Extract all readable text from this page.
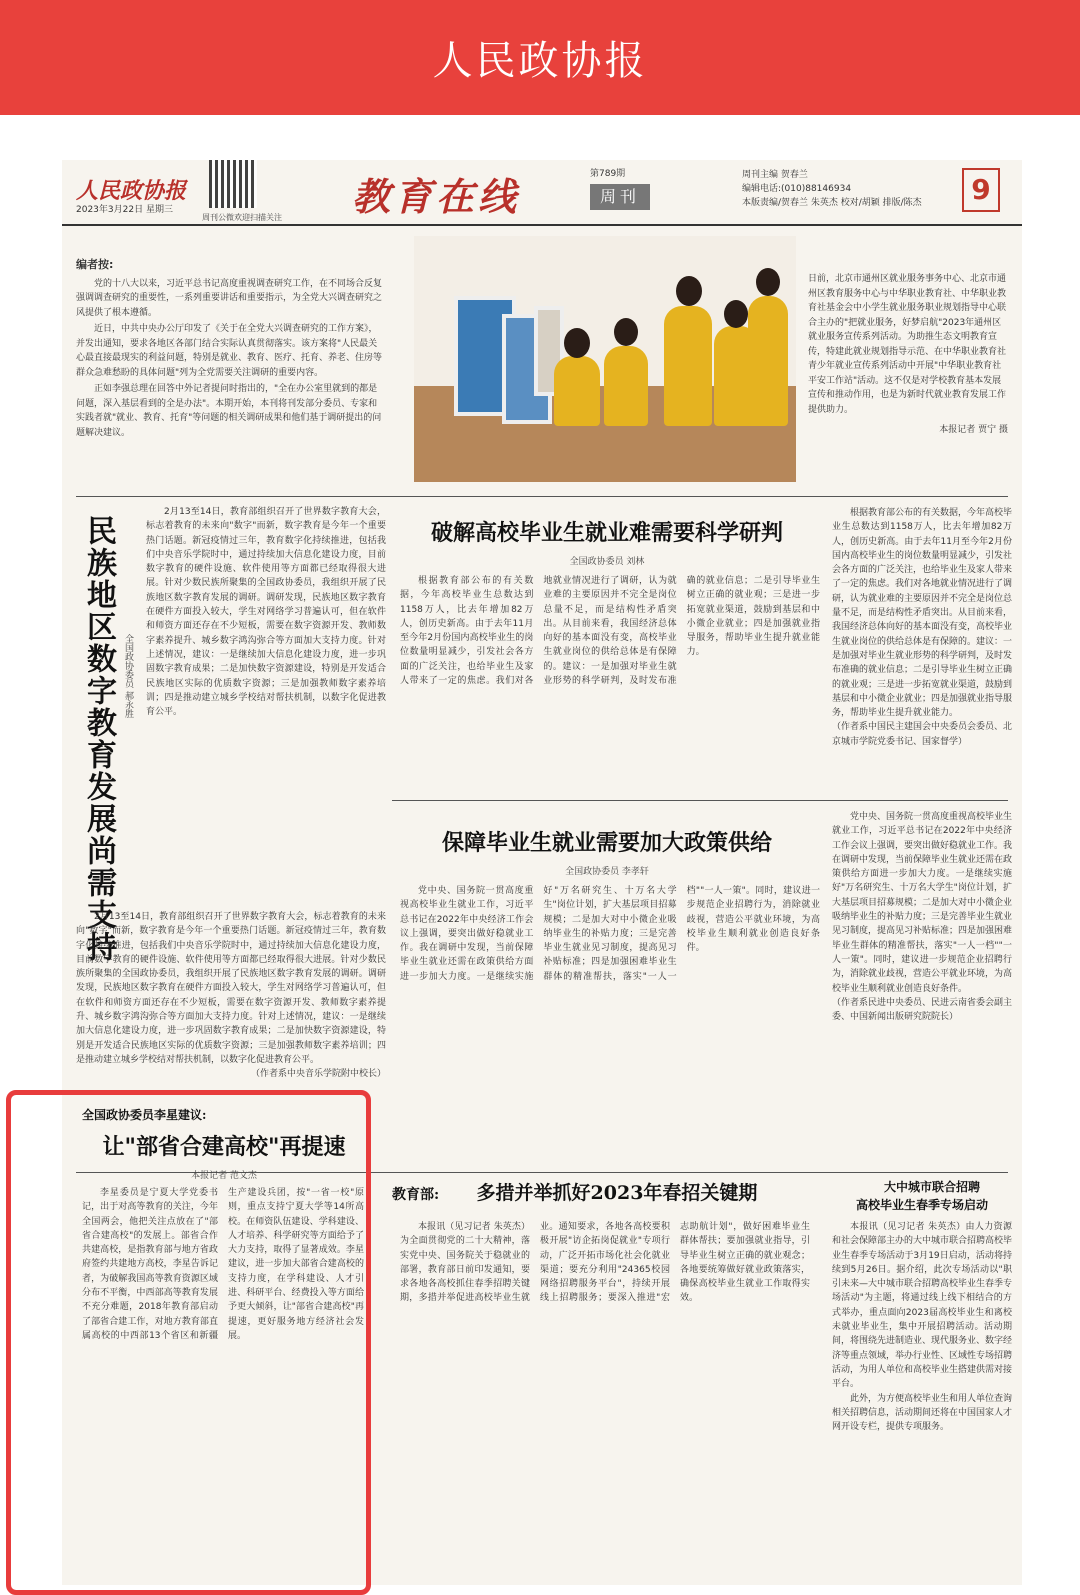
人民政协报
人民政协报
2023年3月22日 星期三
周刊公微欢迎扫描关注 教育在线	第789期
周刊
周刊主编 贺春兰
编辑电话:(010)88146934
本版责编/贺春兰 朱英杰 校对/胡颖 排版/陈杰	9
编者按:

党的十八大以来，习近平总书记高度重视调查研究工作，在不同场合反复强调调查研究的重要性，一系列重要讲话和重要指示，为全党大兴调查研究之风提供了根本遵循。

近日，中共中央办公厅印发了《关于在全党大兴调查研究的工作方案》，并发出通知，要求各地区各部门结合实际认真贯彻落实。该方案将"人民最关心最直接最现实的利益问题，特别是就业、教育、医疗、托育、养老、住房等群众急难愁盼的具体问题"列为全党需要关注调研的重要内容。

正如李强总理在回答中外记者提问时指出的，"全在办公室里就到的都是问题，深入基层看到的全是办法"。本期开始，本刊将刊发部分委员、专家和实践者就"就业、教育、托育"等问题的相关调研成果和他们基于调研提出的问题解决建议。

日前，北京市通州区就业服务事务中心、北京市通州区教育服务中心与中华职业教育社、中华职业教育社基金会中小学生就业服务职业规划指导中心联合主办的"把就业服务，好梦启航"2023年通州区就业服务宣传系列活动。为助推生态文明教育宣传，特建此就业规划指导示范、在中华职业教育社青少年就业宣传系列活动中开展"中华职业教育社平安工作站"活动。这不仅是对学校教育基本发展宣传和推动作用，也是为新时代就业教育发展工作提供助力。
本报记者 贾宁 摄
民族地区数字教育发展尚需支持 全国政协委员 郝永胜

2月13至14日，教育部组织召开了世界数字教育大会，标志着教育的未来向"数字"而新，数字教育是今年一个重要热门话题。新冠疫情过三年，教育数字化持续推进，包括我们中央音乐学院时中，通过持续加大信息化建设力度，目前数字教育的硬件设施、软件使用等方面都已经取得很大进展。针对少数民族所聚集的全国政协委员，我组织开展了民族地区数字教育发展的调研。调研发现，民族地区数字教育在硬件方面投入较大，学生对网络学习普遍认可，但在软件和师资方面还存在不少短板，需要在数字资源开发、教师数字素养提升、城乡数字鸿沟弥合等方面加大支持力度。针对上述情况，建议：一是继续加大信息化建设力度，进一步巩固数字教育成果；二是加快数字资源建设，特别是开发适合民族地区实际的优质数字资源；三是加强教师数字素养培训；四是推动建立城乡学校结对帮扶机制，以数字化促进教育公平。

2月13至14日，教育部组织召开了世界数字教育大会，标志着教育的未来向"数字"而新，数字教育是今年一个重要热门话题。新冠疫情过三年，教育数字化持续推进，包括我们中央音乐学院时中，通过持续加大信息化建设力度，目前数字教育的硬件设施、软件使用等方面都已经取得很大进展。针对少数民族所聚集的全国政协委员，我组织开展了民族地区数字教育发展的调研。调研发现，民族地区数字教育在硬件方面投入较大，学生对网络学习普遍认可，但在软件和师资方面还存在不少短板，需要在数字资源开发、教师数字素养提升、城乡数字鸿沟弥合等方面加大支持力度。针对上述情况，建议：一是继续加大信息化建设力度，进一步巩固数字教育成果；二是加快数字资源建设，特别是开发适合民族地区实际的优质数字资源；三是加强教师数字素养培训；四是推动建立城乡学校结对帮扶机制，以数字化促进教育公平。

（作者系中央音乐学院附中校长）
破解高校毕业生就业难需要科学研判
全国政协委员 刘林

根据教育部公布的有关数据，今年高校毕业生总数达到1158万人，比去年增加82万人，创历史新高。由于去年11月至今年2月份国内高校毕业生的岗位数量明显减少，引发社会各方面的广泛关注，也给毕业生及家人带来了一定的焦虑。我们对各地就业情况进行了调研，认为就业难的主要原因并不完全是岗位总量不足，而是结构性矛盾突出。从目前来看，我国经济总体向好的基本面没有变，高校毕业生就业岗位的供给总体是有保障的。建议：一是加强对毕业生就业形势的科学研判，及时发布准确的就业信息；二是引导毕业生树立正确的就业观；三是进一步拓宽就业渠道，鼓励到基层和中小微企业就业；四是加强就业指导服务，帮助毕业生提升就业能力。

根据教育部公布的有关数据，今年高校毕业生总数达到1158万人，比去年增加82万人，创历史新高。由于去年11月至今年2月份国内高校毕业生的岗位数量明显减少，引发社会各方面的广泛关注，也给毕业生及家人带来了一定的焦虑。我们对各地就业情况进行了调研，认为就业难的主要原因并不完全是岗位总量不足，而是结构性矛盾突出。从目前来看，我国经济总体向好的基本面没有变，高校毕业生就业岗位的供给总体是有保障的。建议：一是加强对毕业生就业形势的科学研判，及时发布准确的就业信息；二是引导毕业生树立正确的就业观；三是进一步拓宽就业渠道，鼓励到基层和中小微企业就业；四是加强就业指导服务，帮助毕业生提升就业能力。

（作者系中国民主建国会中央委员会委员、北京城市学院党委书记、国家督学）
保障毕业生就业需要加大政策供给
全国政协委员 李孝轩

党中央、国务院一贯高度重视高校毕业生就业工作，习近平总书记在2022年中央经济工作会议上强调，要突出做好稳就业工作。我在调研中发现，当前保障毕业生就业还需在政策供给方面进一步加大力度。一是继续实施好"万名研究生、十万名大学生"岗位计划，扩大基层项目招募规模；二是加大对中小微企业吸纳毕业生的补贴力度；三是完善毕业生就业见习制度，提高见习补贴标准；四是加强困难毕业生群体的精准帮扶，落实"一人一档""一人一策"。同时，建议进一步规范企业招聘行为，消除就业歧视，营造公平就业环境，为高校毕业生顺利就业创造良好条件。

党中央、国务院一贯高度重视高校毕业生就业工作，习近平总书记在2022年中央经济工作会议上强调，要突出做好稳就业工作。我在调研中发现，当前保障毕业生就业还需在政策供给方面进一步加大力度。一是继续实施好"万名研究生、十万名大学生"岗位计划，扩大基层项目招募规模；二是加大对中小微企业吸纳毕业生的补贴力度；三是完善毕业生就业见习制度，提高见习补贴标准；四是加强困难毕业生群体的精准帮扶，落实"一人一档""一人一策"。同时，建议进一步规范企业招聘行为，消除就业歧视，营造公平就业环境，为高校毕业生顺利就业创造良好条件。

（作者系民进中央委员、民进云南省委会副主委、中国新闻出版研究院院长）
全国政协委员李星建议:
让"部省合建高校"再提速
本报记者 范文杰

李星委员是宁夏大学党委书记，出于对高等教育的关注，今年全国两会，他把关注点放在了"部省合建高校"的发展上。部省合作共建高校，是指教育部与地方省政府签约共建地方高校，李星告诉记者，为破解我国高等教育资源区域分布不平衡，中西部高等教育发展不充分难题，2018年教育部启动了部省合建工作，对地方教育部直属高校的中西部13个省区和新疆生产建设兵团，按"一省一校"原则，重点支持宁夏大学等14所高校。在师资队伍建设、学科建设、人才培养、科学研究等方面给予了大力支持，取得了显著成效。李星建议，进一步加大部省合建高校的支持力度，在学科建设、人才引进、科研平台、经费投入等方面给予更大倾斜，让"部省合建高校"再提速，更好服务地方经济社会发展。

教育部:	多措并举抓好2023年春招关键期

本报讯（见习记者 朱英杰）为全面贯彻党的二十大精神，落实党中央、国务院关于稳就业的部署，教育部日前印发通知，要求各地各高校抓住春季招聘关键期，多措并举促进高校毕业生就业。通知要求，各地各高校要积极开展"访企拓岗促就业"专项行动，广泛开拓市场化社会化就业渠道；要充分利用"24365校园网络招聘服务平台"，持续开展线上招聘服务；要深入推进"宏志助航计划"，做好困难毕业生群体帮扶；要加强就业指导，引导毕业生树立正确的就业观念；各地要统筹做好就业政策落实，确保高校毕业生就业工作取得实效。

大中城市联合招聘
高校毕业生春季专场启动

本报讯（见习记者 朱英杰）由人力资源和社会保障部主办的大中城市联合招聘高校毕业生春季专场活动于3月19日启动，活动将持续到5月26日。据介绍，此次专场活动以"职引未来—大中城市联合招聘高校毕业生春季专场活动"为主题，将通过线上线下相结合的方式举办，重点面向2023届高校毕业生和离校未就业毕业生，集中开展招聘活动。活动期间，将围绕先进制造业、现代服务业、数字经济等重点领域，举办行业性、区域性专场招聘活动，为用人单位和高校毕业生搭建供需对接平台。

此外，为方便高校毕业生和用人单位查询相关招聘信息，活动期间还将在中国国家人才网开设专栏，提供专项服务。
